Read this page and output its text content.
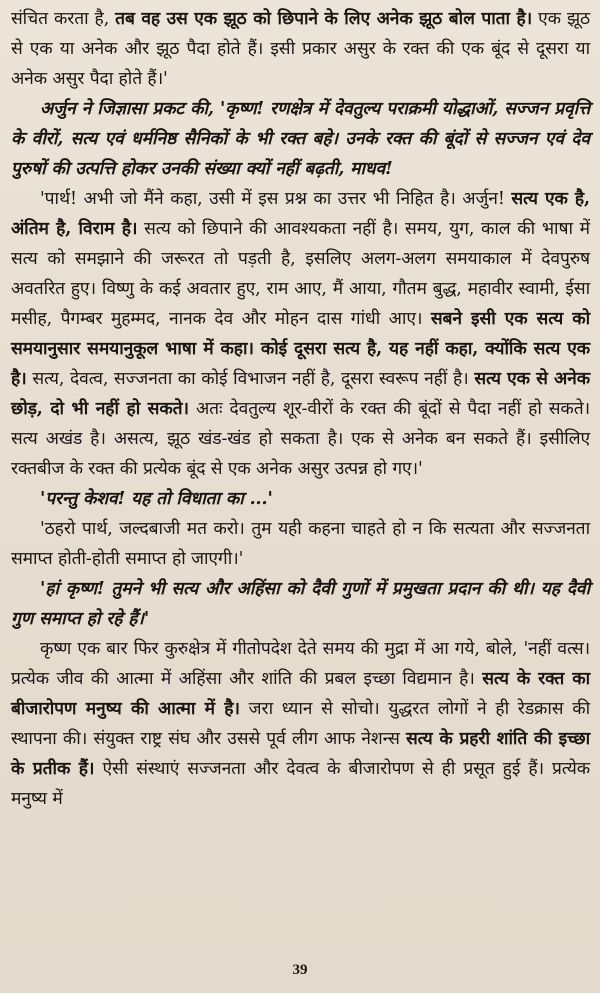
संचित करता है, तब वह उस एक झूठ को छिपाने के लिए अनेक झूठ बोल पाता है। एक झूठ से एक या अनेक और झूठ पैदा होते हैं। इसी प्रकार असुर के रक्त की एक बूंद से दूसरा या अनेक असुर पैदा होते हैं।'

अर्जुन ने जिज्ञासा प्रकट की, 'कृष्ण! रणक्षेत्र में देवतुल्य पराक्रमी योद्धाओं, सज्जन प्रवृत्ति के वीरों, सत्य एवं धर्मनिष्ठ सैनिकों के भी रक्त बहे। उनके रक्त की बूंदों से सज्जन एवं देव पुरुषों की उत्पत्ति होकर उनकी संख्या क्यों नहीं बढ़ती, माधव!

'पार्थ! अभी जो मैंने कहा, उसी में इस प्रश्न का उत्तर भी निहित है। अर्जुन! सत्य एक है, अंतिम है, विराम है। सत्य को छिपाने की आवश्यकता नहीं है। समय, युग, काल की भाषा में सत्य को समझाने की जरूरत तो पड़ती है, इसलिए अलग-अलग समयाकाल में देवपुरुष अवतरित हुए। विष्णु के कई अवतार हुए, राम आए, मैं आया, गौतम बुद्ध, महावीर स्वामी, ईसा मसीह, पैगम्बर मुहम्मद, नानक देव और मोहन दास गांधी आए। सबने इसी एक सत्य को समयानुसार समयानुकूल भाषा में कहा। कोई दूसरा सत्य है, यह नहीं कहा, क्योंकि सत्य एक है। सत्य, देवत्व, सज्जनता का कोई विभाजन नहीं है, दूसरा स्वरूप नहीं है। सत्य एक से अनेक छोड़, दो भी नहीं हो सकते। अतः देवतुल्य शूर-वीरों के रक्त की बूंदों से पैदा नहीं हो सकते। सत्य अखंड है। असत्य, झूठ खंड-खंड हो सकता है। एक से अनेक बन सकते हैं। इसीलिए रक्तबीज के रक्त की प्रत्येक बूंद से एक अनेक असुर उत्पन्न हो गए।'

'परन्तु केशव! यह तो विधाता का ...'

'ठहरो पार्थ, जल्दबाजी मत करो। तुम यही कहना चाहते हो न कि सत्यता और सज्जनता समाप्त होती-होती समाप्त हो जाएगी।'

'हां कृष्ण! तुमने भी सत्य और अहिंसा को दैवी गुणों में प्रमुखता प्रदान की थी। यह दैवी गुण समाप्त हो रहे हैं।'

कृष्ण एक बार फिर कुरुक्षेत्र में गीतोपदेश देते समय की मुद्रा में आ गये, बोले, 'नहीं वत्स। प्रत्येक जीव की आत्मा में अहिंसा और शांति की प्रबल इच्छा विद्यमान है। सत्य के रक्त का बीजारोपण मनुष्य की आत्मा में है। जरा ध्यान से सोचो। युद्धरत लोगों ने ही रेडक्रास की स्थापना की। संयुक्त राष्ट्र संघ और उससे पूर्व लीग आफ नेशन्स सत्य के प्रहरी शांति की इच्छा के प्रतीक हैं। ऐसी संस्थाएं सज्जनता और देवत्व के बीजारोपण से ही प्रसूत हुई हैं। प्रत्येक मनुष्य में

39
